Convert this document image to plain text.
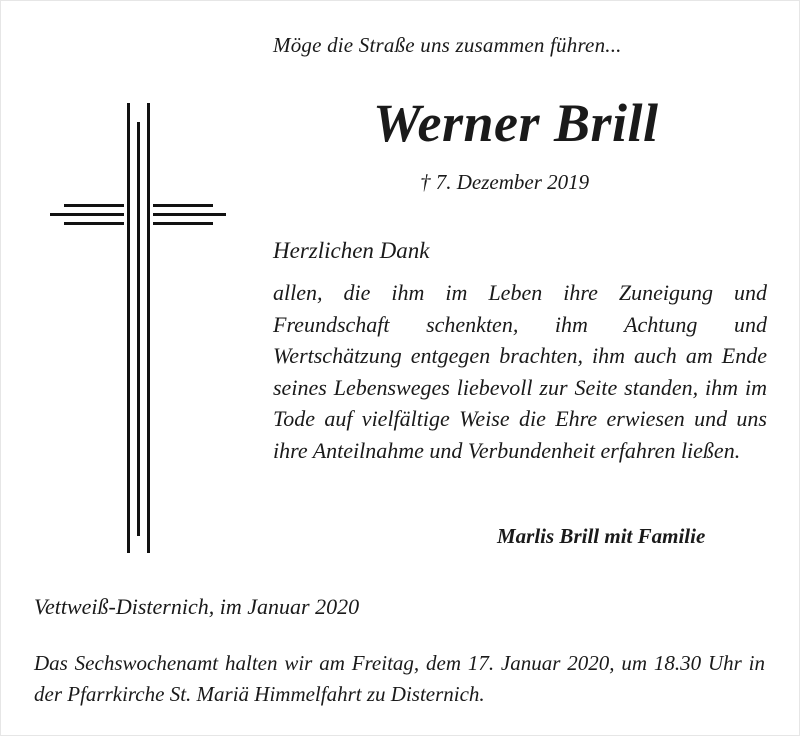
Möge die Straße uns zusammen führen...
Werner Brill
† 7. Dezember 2019
Herzlichen Dank
allen, die ihm im Leben ihre Zuneigung und Freundschaft schenkten, ihm Achtung und Wertschätzung entgegen brachten, ihm auch am Ende seines Lebensweges liebevoll zur Seite standen, ihm im Tode auf vielfältige Weise die Ehre erwiesen und uns ihre Anteilnahme und Verbundenheit erfahren ließen.
Marlis Brill mit Familie
Vettweiß-Disternich, im Januar 2020
Das Sechswochenamt halten wir am Freitag, dem 17. Januar 2020, um 18.30 Uhr in der Pfarrkirche St. Mariä Himmelfahrt zu Disternich.
